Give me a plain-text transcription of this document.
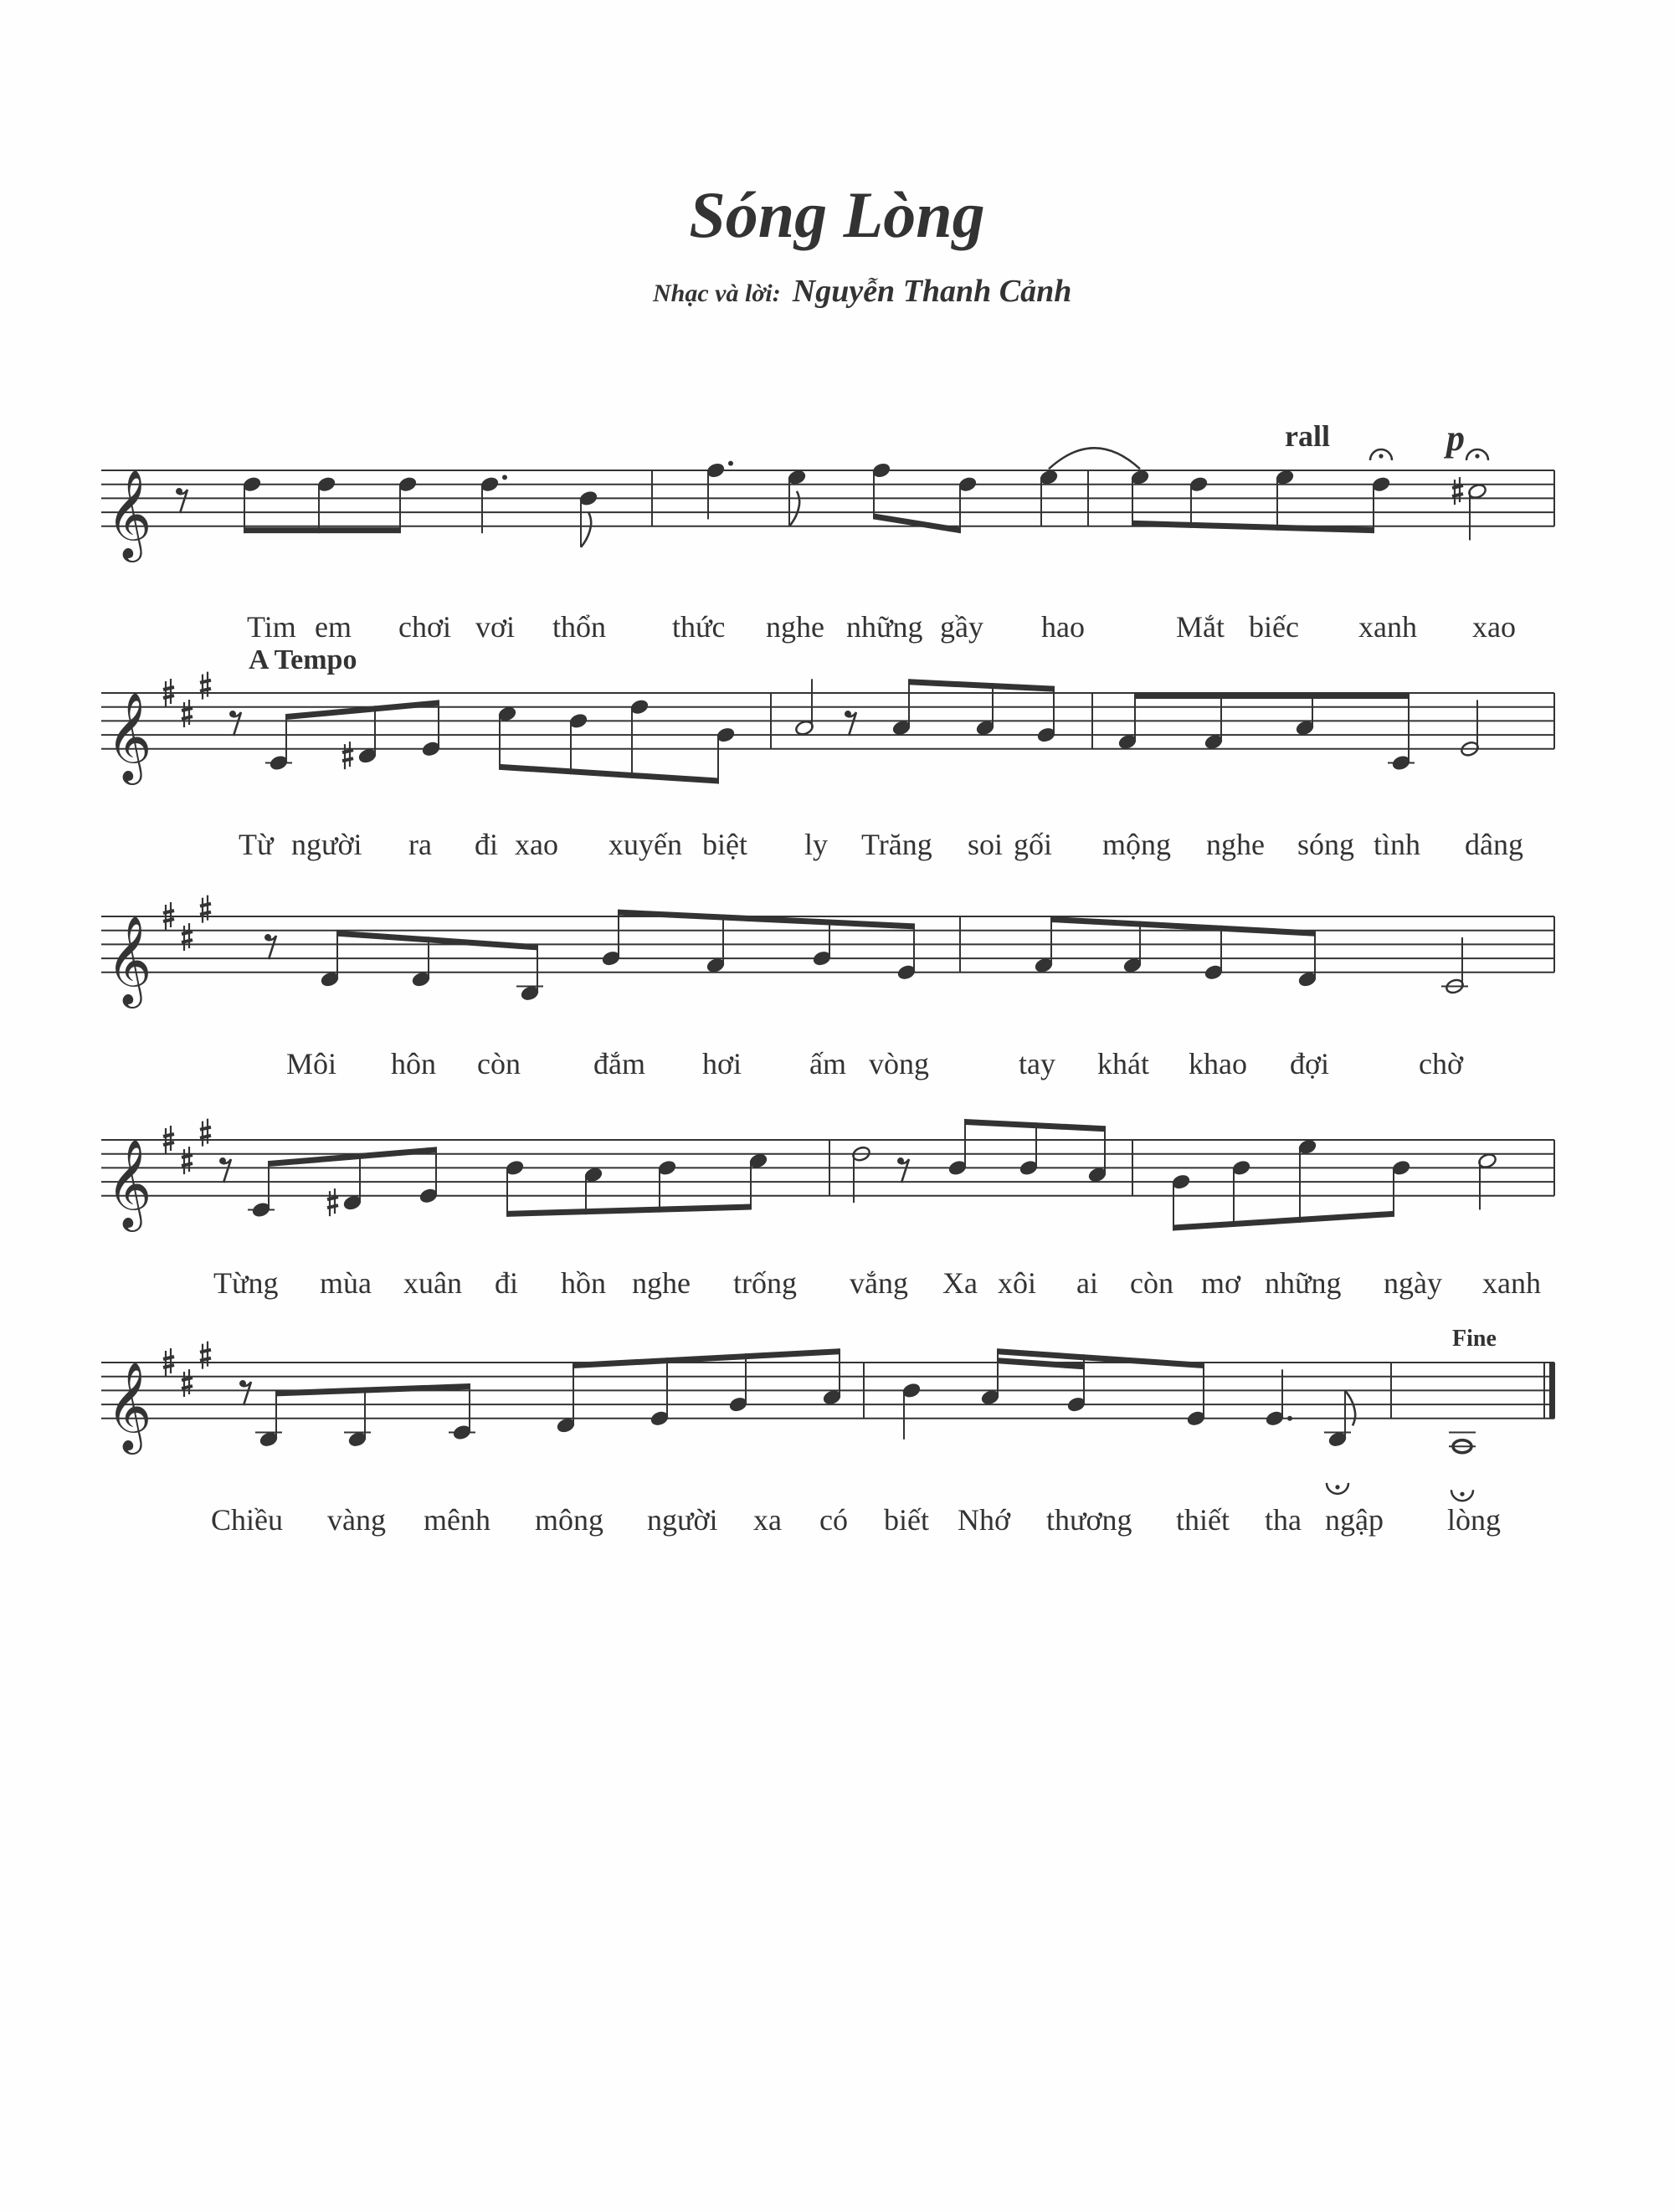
Sóng Lòng
Nhạc và lời: Nguyễn Thanh Cảnh
𝄞
𝄞
𝄞
𝄞
𝄞
rall	p
Tim em chơi vơi thổn thức nghe những gầy hao	Mắt biếc xanh xao
A Tempo
Từ người ra đi xao xuyến biệt ly Trăng soi gối mộng nghe sóng tình dâng
Môi hôn còn đắm hơi ấm vòng	tay khát khao đợi	chờ
Từng mùa xuân đi hồn nghe trống vắng Xa xôi ai còn mơ những ngày xanh
Fine
Chiều vàng mênh mông người xa có biết Nhớ thương thiết tha ngập lòng
